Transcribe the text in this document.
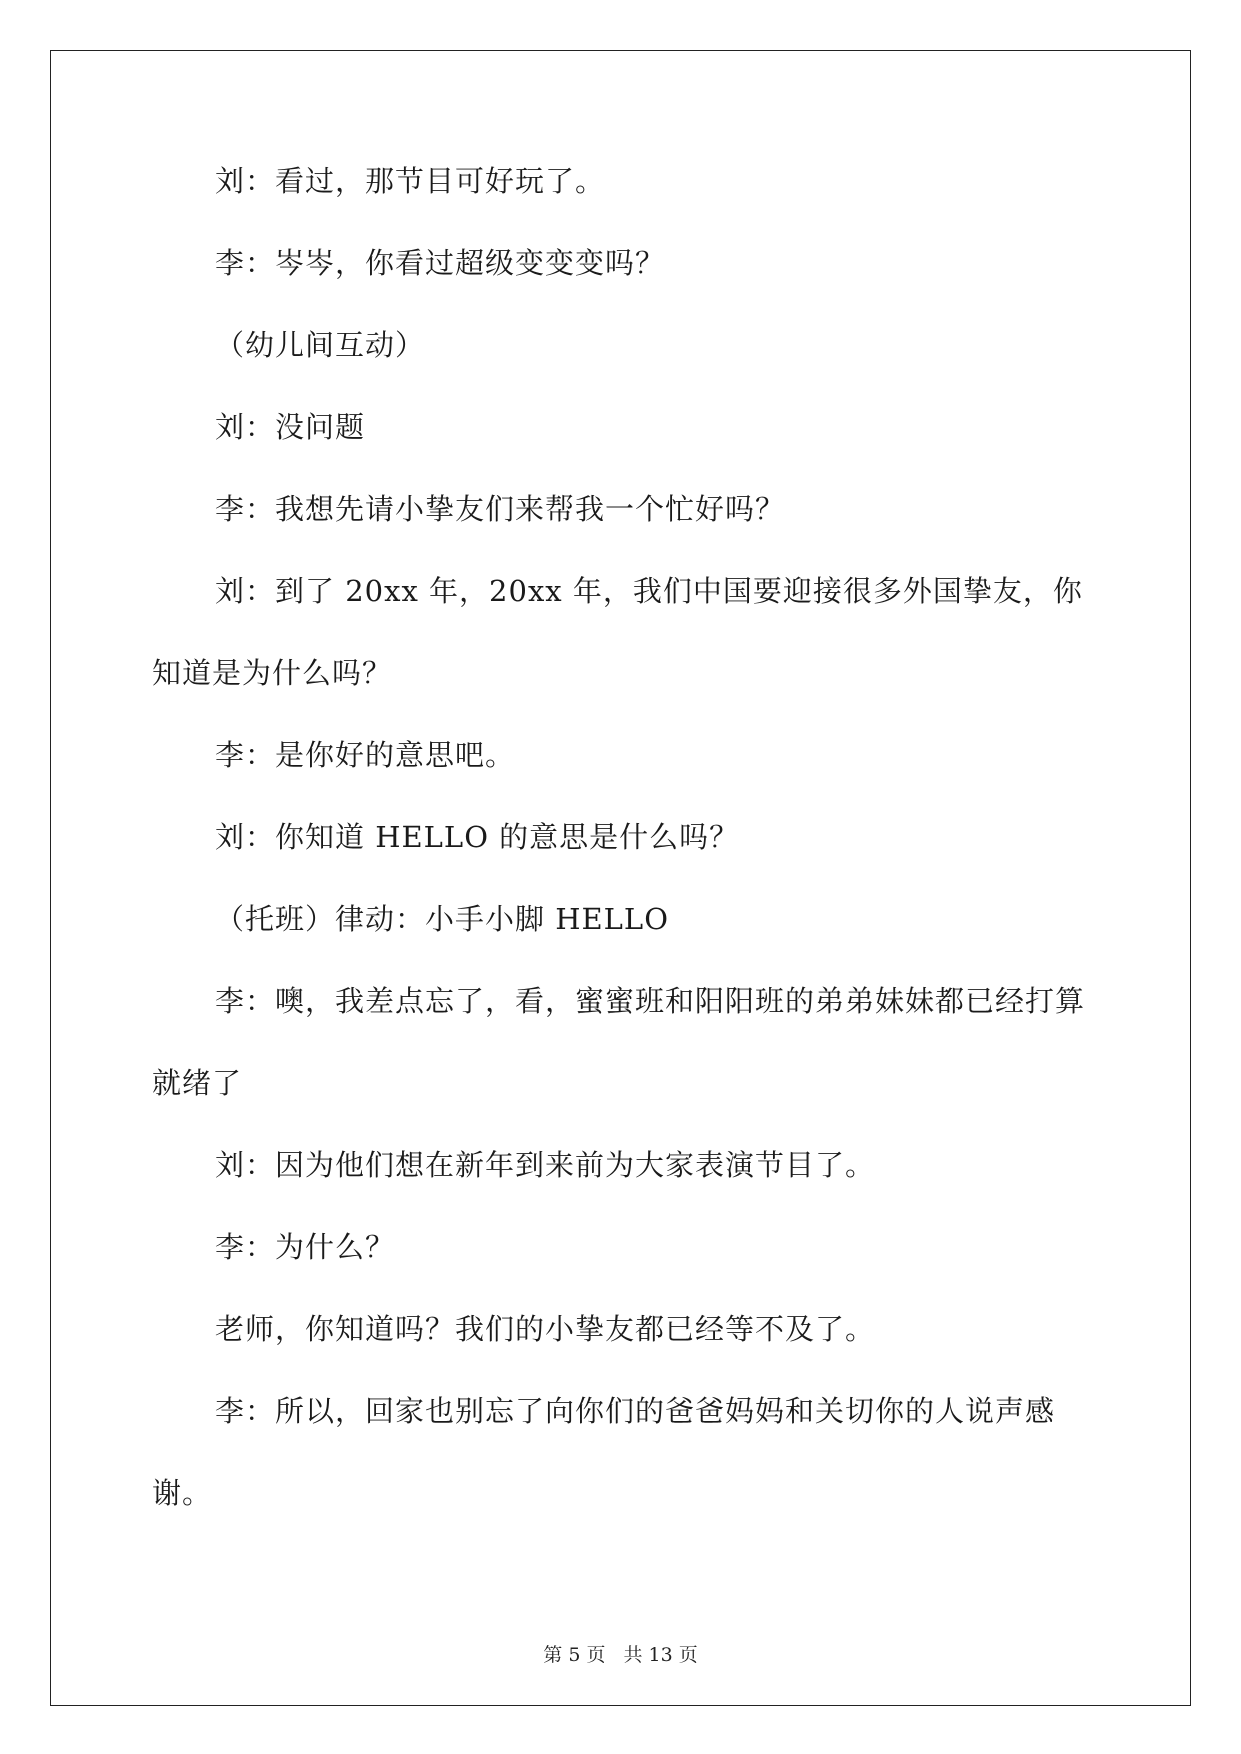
刘：看过，那节目可好玩了。

李：岑岑，你看过超级变变变吗？

（幼儿间互动）

刘：没问题

李：我想先请小挚友们来帮我一个忙好吗？

刘：到了 20xx 年，20xx 年，我们中国要迎接很多外国挚友，你知道是为什么吗？

李：是你好的意思吧。

刘：你知道 HELLO 的意思是什么吗？

（托班）律动：小手小脚 HELLO

李：噢，我差点忘了，看，蜜蜜班和阳阳班的弟弟妹妹都已经打算就绪了

刘：因为他们想在新年到来前为大家表演节目了。

李：为什么？

老师，你知道吗？我们的小挚友都已经等不及了。

李：所以，回家也别忘了向你们的爸爸妈妈和关切你的人说声感谢。

第 5 页 共 13 页
